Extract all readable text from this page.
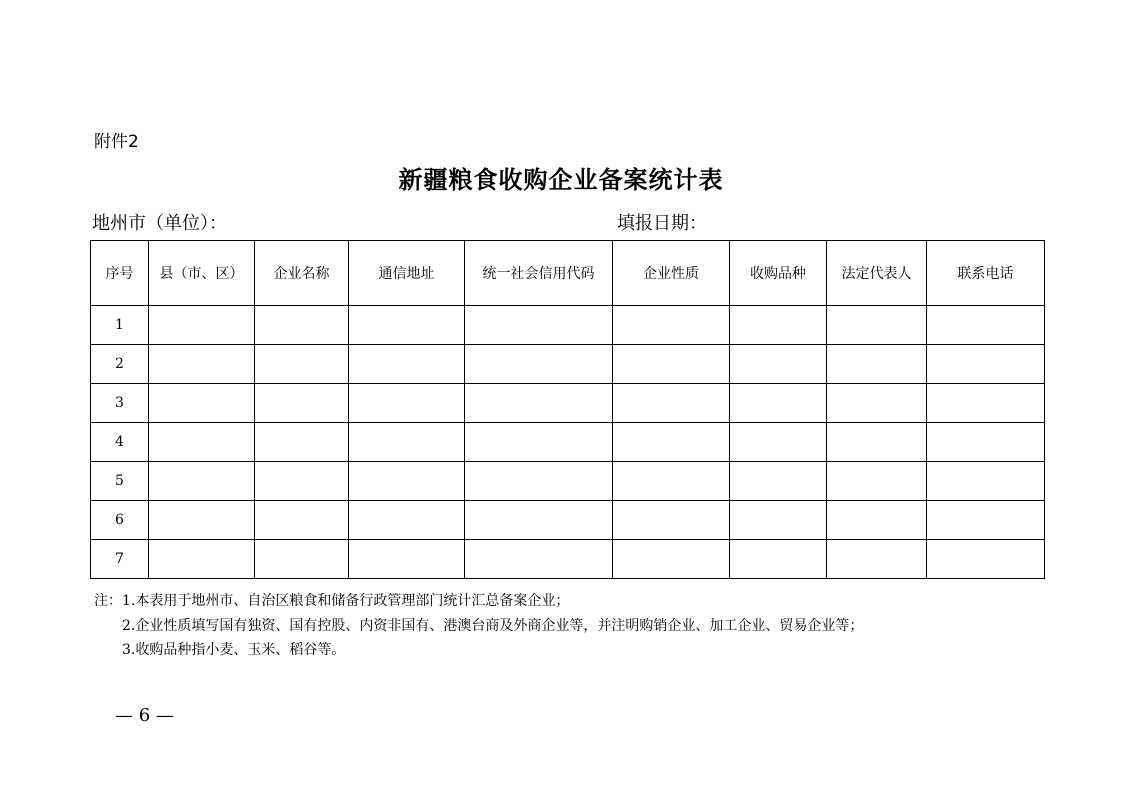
附件2
新疆粮食收购企业备案统计表
地州市（单位）：	填报日期：
序号	县（市、区）	企业名称	通信地址	统一社会信用代码	企业性质	收购品种	法定代表人	联系电话
1								
2								
3								
4								
5								
6								
7								
注：1.本表用于地州市、自治区粮食和储备行政管理部门统计汇总备案企业；
2.企业性质填写国有独资、国有控股、内资非国有、港澳台商及外商企业等，并注明购销企业、加工企业、贸易企业等；
3.收购品种指小麦、玉米、稻谷等。
— 6 —
